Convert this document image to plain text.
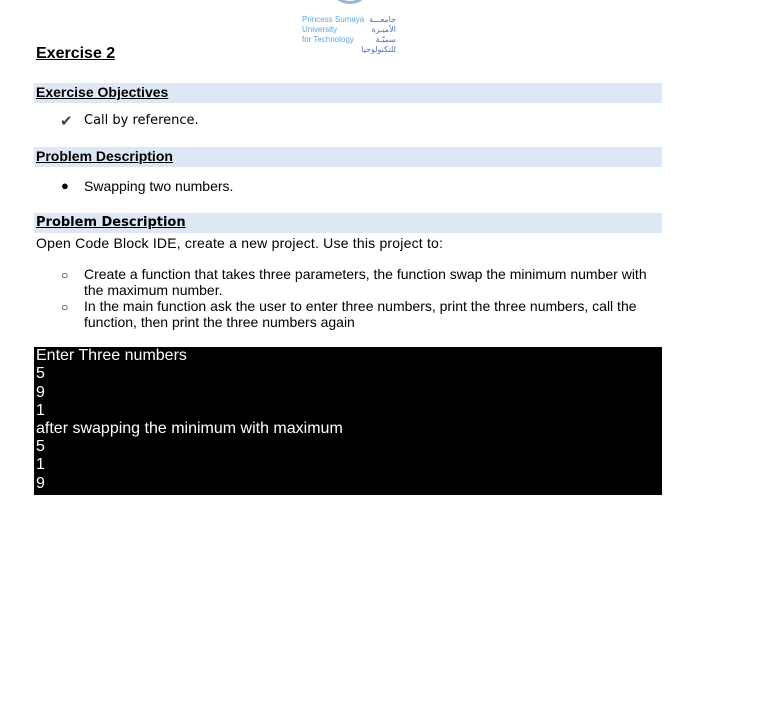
Princess Sumaya
University
for Technology
جامعـــة
الأميـرة سميّـة
للتكنولوجيا
Exercise 2
Exercise Objectives
✔ Call by reference.
Problem Description
● Swapping two numbers.
Problem Description
Open Code Block IDE, create a new project. Use this project to:
○ Create a function that takes three parameters, the function swap the minimum number with the maximum number.
○ In the main function ask the user to enter three numbers, print the three numbers, call the function, then print the three numbers again
Enter Three numbers
5
9
1
after swapping the minimum with maximum
5
1
9
